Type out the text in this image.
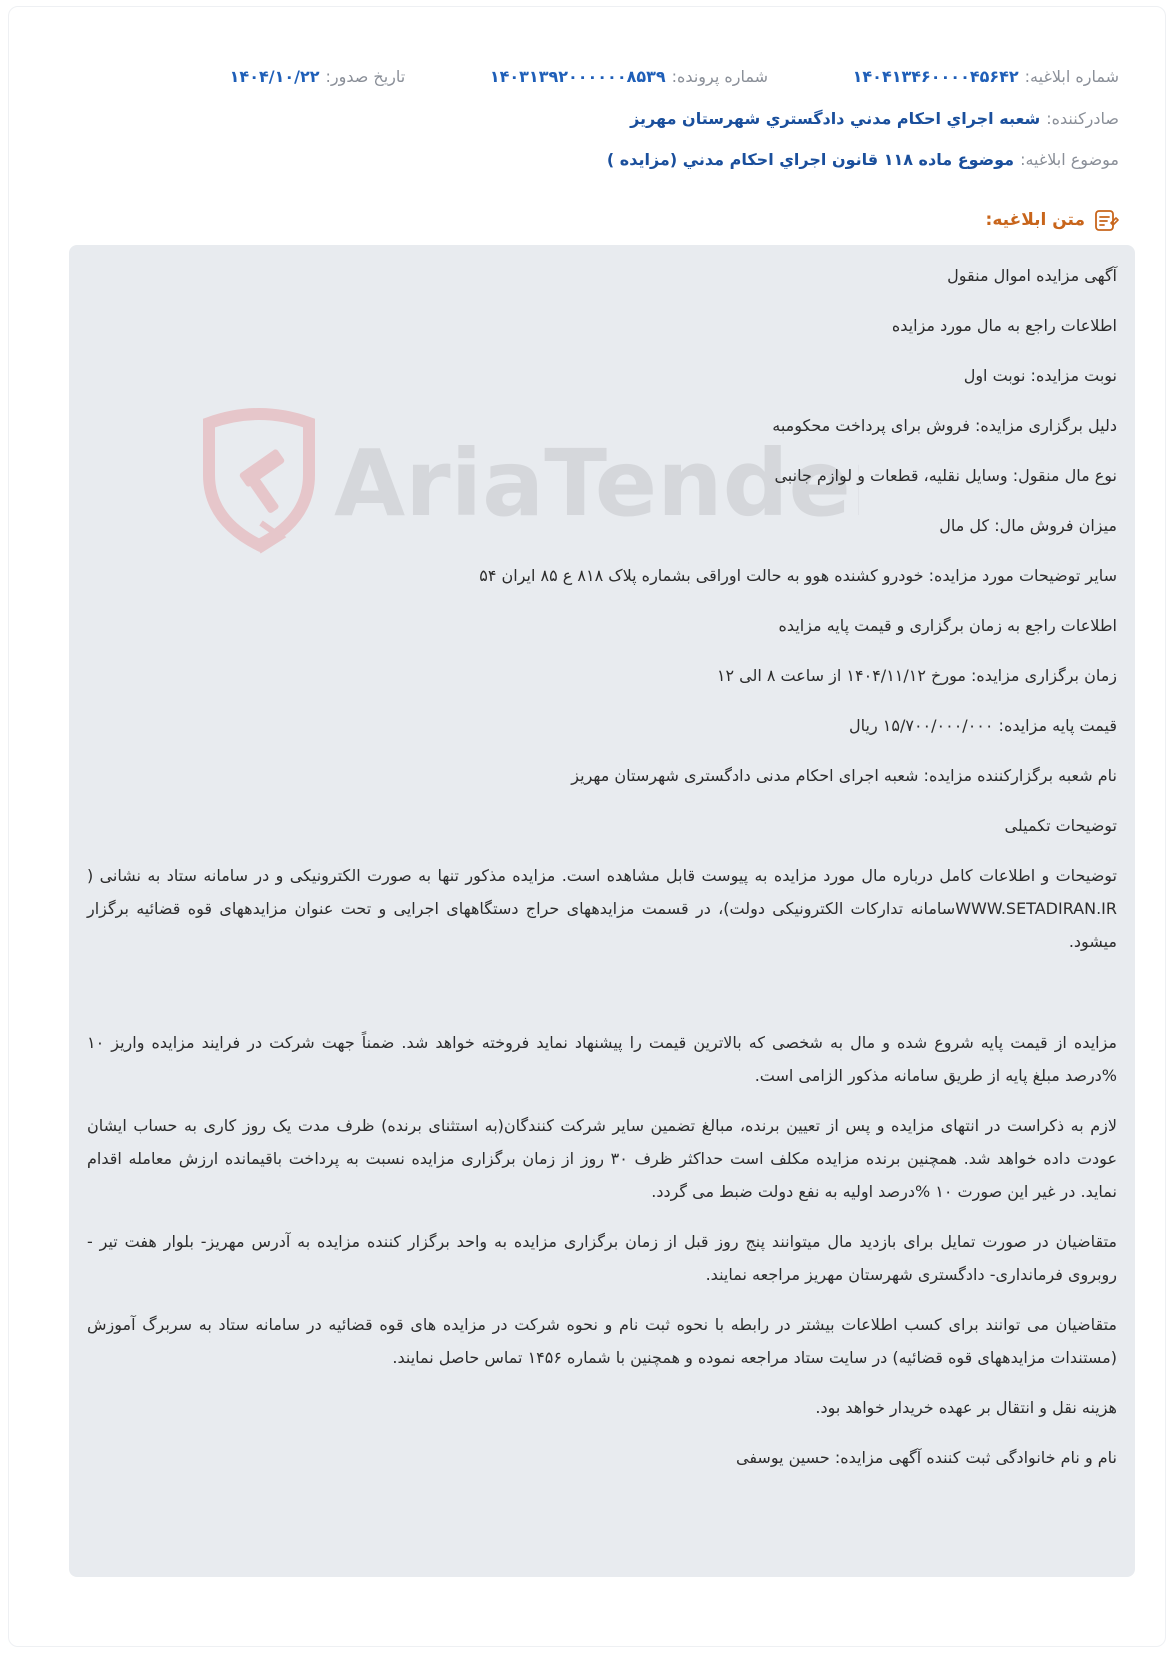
شماره ابلاغیه:
۱۴۰۴۱۳۴۶۰۰۰۰۴۵۶۴۲
شماره پرونده:
۱۴۰۳۱۳۹۲۰۰۰۰۰۰۸۵۳۹
تاریخ صدور:
۱۴۰۴/۱۰/۲۲
صادرکننده:
شعبه اجراي احکام مدني دادگستري شهرستان مهريز
موضوع ابلاغیه:
موضوع ماده ۱۱۸ قانون اجراي احکام مدني (مزايده )
متن ابلاغیه:
AriaTende
آگهی مزایده اموال منقول
اطلاعات راجع به مال مورد مزایده
نوبت مزایده: نوبت اول
دلیل برگزاری مزایده: فروش برای پرداخت محکومبه
نوع مال منقول: وسایل نقلیه، قطعات و لوازم جانبی
میزان فروش مال: کل مال
سایر توضیحات مورد مزایده: خودرو کشنده هوو به حالت اوراقی بشماره پلاک ۸۱۸ ع ۸۵ ایران ۵۴
اطلاعات راجع به زمان برگزاری و قیمت پایه مزایده
زمان برگزاری مزایده: مورخ ۱۴۰۴/۱۱/۱۲ از ساعت ۸ الی ۱۲
قیمت پایه مزایده: ۱۵/۷۰۰/۰۰۰/۰۰۰ ریال
نام شعبه برگزارکننده مزایده: شعبه اجرای احکام مدنی دادگستری شهرستان مهریز
توضیحات تکمیلی
توضیحات و اطلاعات کامل درباره مال مورد مزایده به پیوست قابل مشاهده است. مزایده مذکور تنها به صورت الکترونیکی و در سامانه ستاد به نشانی ( WWW.SETADIRAN.IRسامانه تدارکات الکترونیکی دولت)، در قسمت مزایدههای حراج دستگاههای اجرایی و تحت عنوان مزایدههای قوه قضائیه برگزار میشود.
مزایده از قیمت پایه شروع شده و مال به شخصی که بالاترین قیمت را پیشنهاد نماید فروخته خواهد شد. ضمناً جهت شرکت در فرایند مزایده واریز ۱۰ %درصد مبلغ پایه از طریق سامانه مذکور الزامی است.
لازم به ذکراست در انتهای مزایده و پس از تعیین برنده، مبالغ تضمین سایر شرکت کنندگان(به استثنای برنده) ظرف مدت یک روز کاری به حساب ایشان عودت داده خواهد شد. همچنین برنده مزایده مکلف است حداکثر ظرف ۳۰ روز از زمان برگزاری مزایده نسبت به پرداخت باقیمانده ارزش معامله اقدام نماید. در غیر این صورت ۱۰ %درصد اولیه به نفع دولت ضبط می گردد.
متقاضیان در صورت تمایل برای بازدید مال میتوانند پنج روز قبل از زمان برگزاری مزایده به واحد برگزار کننده مزایده به آدرس مهریز- بلوار هفت تیر - روبروی فرمانداری- دادگستری شهرستان مهریز مراجعه نمایند.
متقاضیان می توانند برای کسب اطلاعات بیشتر در رابطه با نحوه ثبت نام و نحوه شرکت در مزایده های قوه قضائیه در سامانه ستاد به سربرگ آموزش (مستندات مزایدههای قوه قضائیه) در سایت ستاد مراجعه نموده و همچنین با شماره ۱۴۵۶ تماس حاصل نمایند.
هزینه نقل و انتقال بر عهده خریدار خواهد بود.
نام و نام خانوادگی ثبت کننده آگهی مزایده: حسین یوسفی
